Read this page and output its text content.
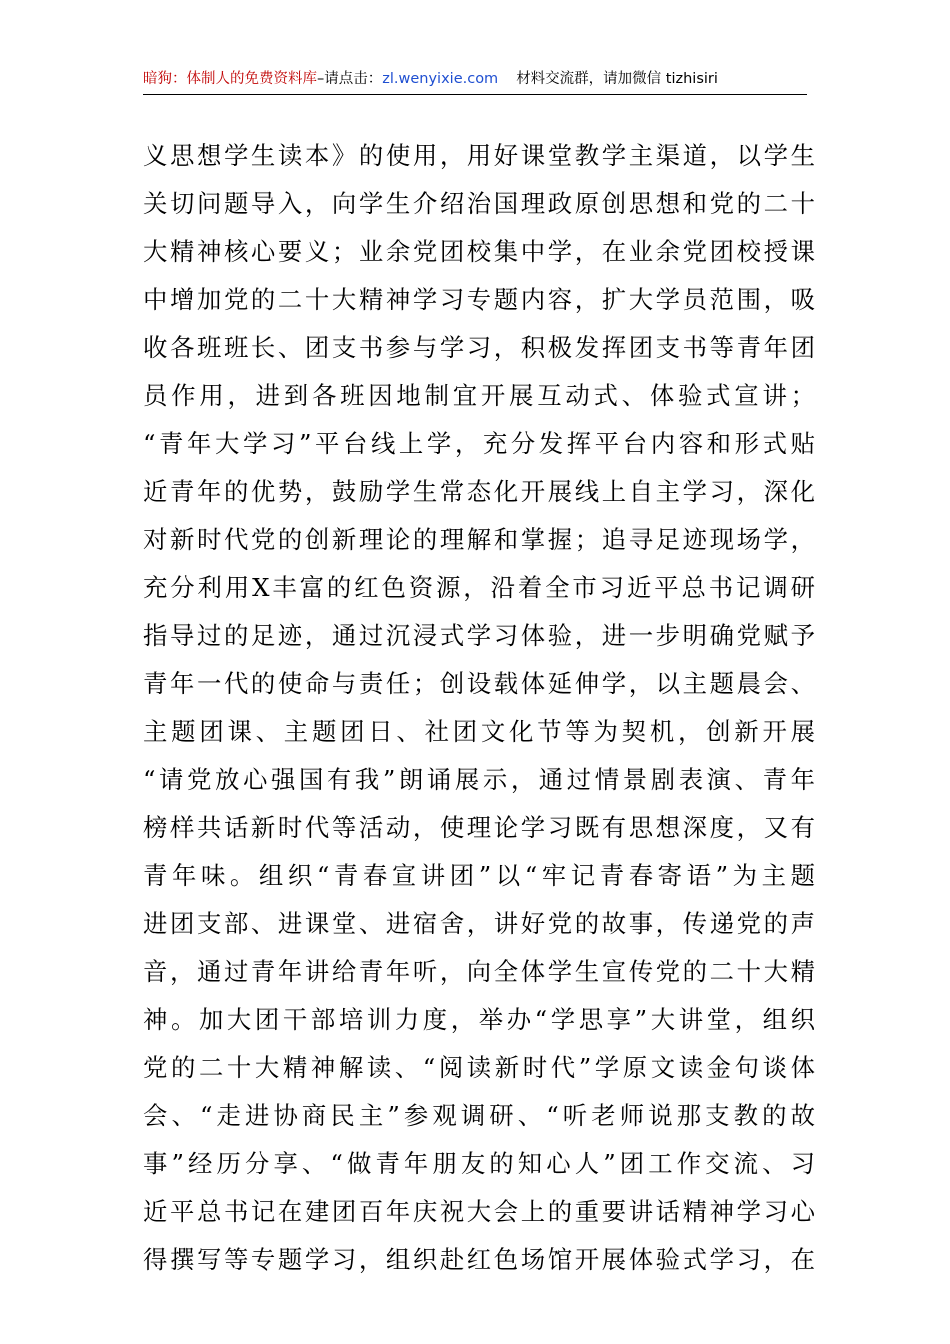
暗狗：体制人的免费资料库–请点击：zl.wenyixie.com 材料交流群，请加微信 tizhisiri
义思想学生读本》的使用，用好课堂教学主渠道，以学生
关切问题导入，向学生介绍治国理政原创思想和党的二十
大精神核心要义；业余党团校集中学，在业余党团校授课
中增加党的二十大精神学习专题内容，扩大学员范围，吸
收各班班长、团支书参与学习，积极发挥团支书等青年团
员作用，进到各班因地制宜开展互动式、体验式宣讲；
“青年大学习”平台线上学，充分发挥平台内容和形式贴
近青年的优势，鼓励学生常态化开展线上自主学习，深化
对新时代党的创新理论的理解和掌握；追寻足迹现场学，
充分利用X丰富的红色资源，沿着全市习近平总书记调研
指导过的足迹，通过沉浸式学习体验，进一步明确党赋予
青年一代的使命与责任；创设载体延伸学，以主题晨会、
主题团课、主题团日、社团文化节等为契机，创新开展
“请党放心强国有我”朗诵展示，通过情景剧表演、青年
榜样共话新时代等活动，使理论学习既有思想深度，又有
青年味。组织“青春宣讲团”以“牢记青春寄语”为主题
进团支部、进课堂、进宿舍，讲好党的故事，传递党的声
音，通过青年讲给青年听，向全体学生宣传党的二十大精
神。加大团干部培训力度，举办“学思享”大讲堂，组织
党的二十大精神解读、“阅读新时代”学原文读金句谈体
会、“走进协商民主”参观调研、“听老师说那支教的故
事”经历分享、“做青年朋友的知心人”团工作交流、习
近平总书记在建团百年庆祝大会上的重要讲话精神学习心
得撰写等专题学习，组织赴红色场馆开展体验式学习，在
